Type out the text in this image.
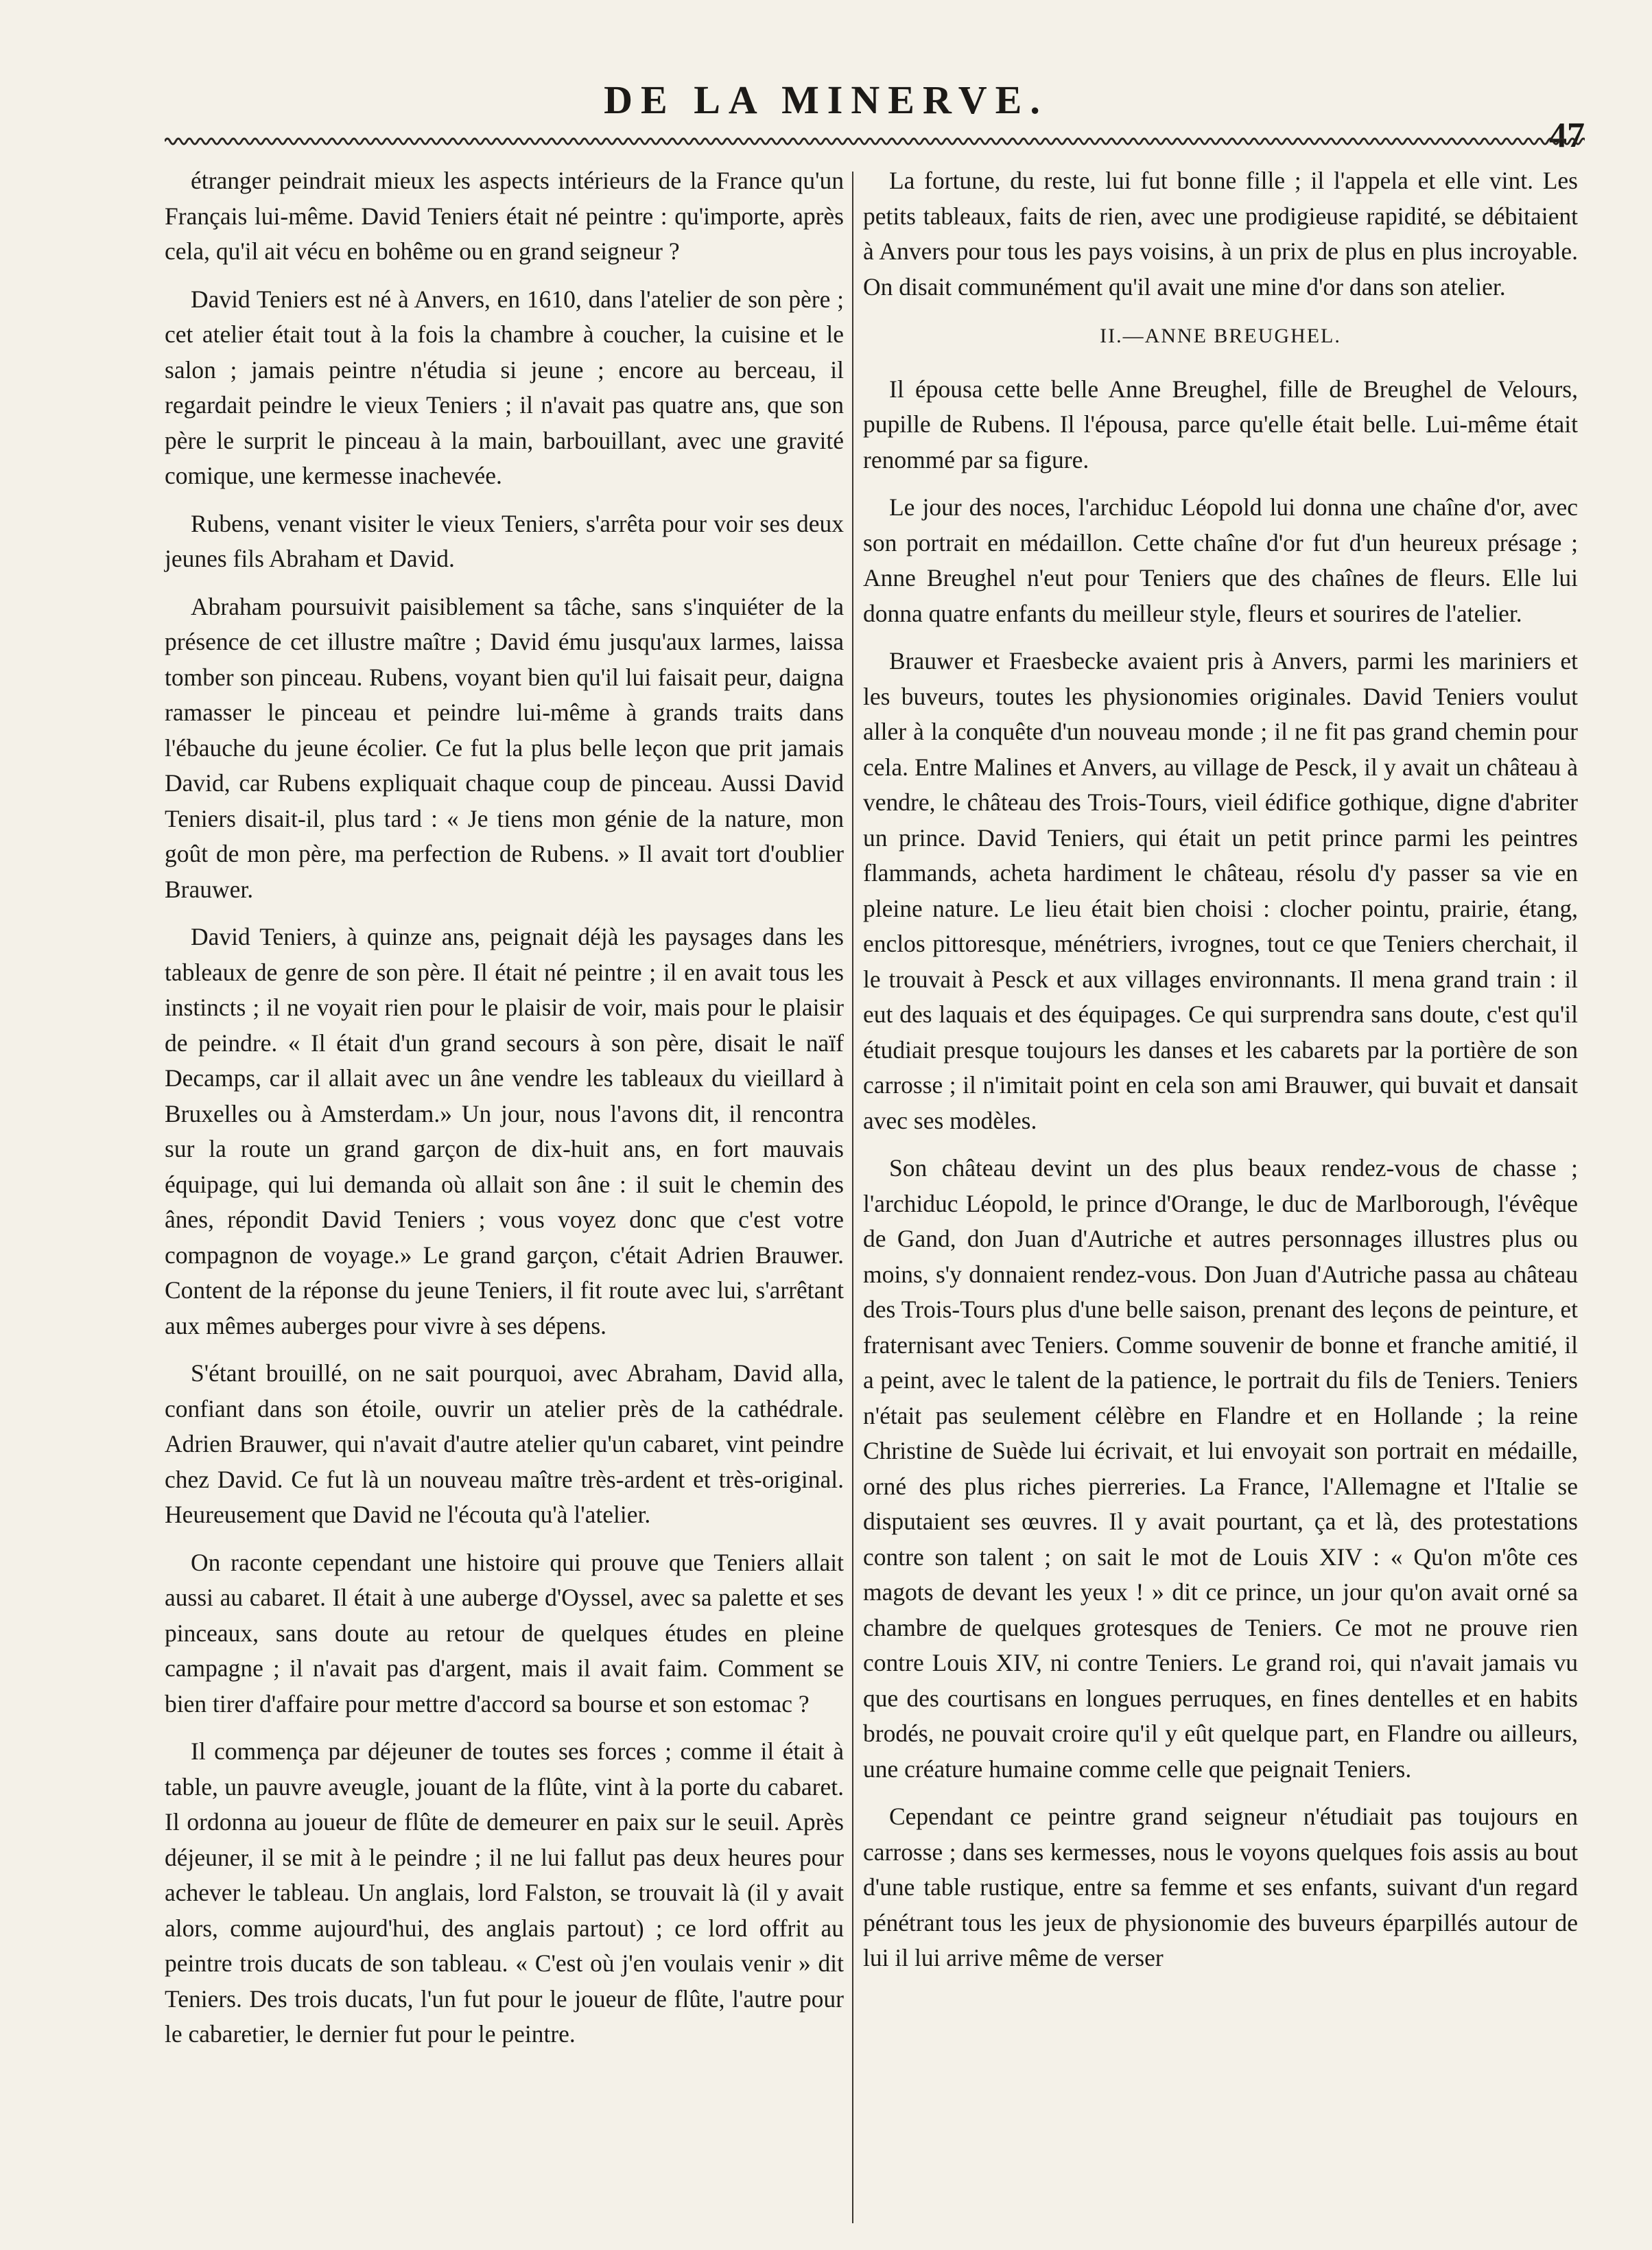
DE LA MINERVE.
47

étranger peindrait mieux les aspects intérieurs de la France qu'un Français lui-même. David Teniers était né peintre : qu'importe, après cela, qu'il ait vécu en bohême ou en grand seigneur ?

David Teniers est né à Anvers, en 1610, dans l'atelier de son père ; cet atelier était tout à la fois la chambre à coucher, la cuisine et le salon ; jamais peintre n'étudia si jeune ; encore au berceau, il regardait peindre le vieux Teniers ; il n'avait pas quatre ans, que son père le surprit le pinceau à la main, barbouillant, avec une gravité comique, une kermesse inachevée.

Rubens, venant visiter le vieux Teniers, s'arrêta pour voir ses deux jeunes fils Abraham et David.

Abraham poursuivit paisiblement sa tâche, sans s'inquiéter de la présence de cet illustre maître ; David ému jusqu'aux larmes, laissa tomber son pinceau. Rubens, voyant bien qu'il lui faisait peur, daigna ramasser le pinceau et peindre lui-même à grands traits dans l'ébauche du jeune écolier. Ce fut la plus belle leçon que prit jamais David, car Rubens expliquait chaque coup de pinceau. Aussi David Teniers disait-il, plus tard : « Je tiens mon génie de la nature, mon goût de mon père, ma perfection de Rubens. » Il avait tort d'oublier Brauwer.

David Teniers, à quinze ans, peignait déjà les paysages dans les tableaux de genre de son père. Il était né peintre ; il en avait tous les instincts ; il ne voyait rien pour le plaisir de voir, mais pour le plaisir de peindre. « Il était d'un grand secours à son père, disait le naïf Decamps, car il allait avec un âne vendre les tableaux du vieillard à Bruxelles ou à Amsterdam.» Un jour, nous l'avons dit, il rencontra sur la route un grand garçon de dix-huit ans, en fort mauvais équipage, qui lui demanda où allait son âne : il suit le chemin des ânes, répondit David Teniers ; vous voyez donc que c'est votre compagnon de voyage.» Le grand garçon, c'était Adrien Brauwer. Content de la réponse du jeune Teniers, il fit route avec lui, s'arrêtant aux mêmes auberges pour vivre à ses dépens.

S'étant brouillé, on ne sait pourquoi, avec Abraham, David alla, confiant dans son étoile, ouvrir un atelier près de la cathédrale. Adrien Brauwer, qui n'avait d'autre atelier qu'un cabaret, vint peindre chez David. Ce fut là un nouveau maître très-ardent et très-original. Heureusement que David ne l'écouta qu'à l'atelier.

On raconte cependant une histoire qui prouve que Teniers allait aussi au cabaret. Il était à une auberge d'Oyssel, avec sa palette et ses pinceaux, sans doute au retour de quelques études en pleine campagne ; il n'avait pas d'argent, mais il avait faim. Comment se bien tirer d'affaire pour mettre d'accord sa bourse et son estomac ?

Il commença par déjeuner de toutes ses forces ; comme il était à table, un pauvre aveugle, jouant de la flûte, vint à la porte du cabaret. Il ordonna au joueur de flûte de demeurer en paix sur le seuil. Après déjeuner, il se mit à le peindre ; il ne lui fallut pas deux heures pour achever le tableau. Un anglais, lord Falston, se trouvait là (il y avait alors, comme aujourd'hui, des anglais partout) ; ce lord offrit au peintre trois ducats de son tableau. « C'est où j'en voulais venir » dit Teniers. Des trois ducats, l'un fut pour le joueur de flûte, l'autre pour le cabaretier, le dernier fut pour le peintre.

La fortune, du reste, lui fut bonne fille ; il l'appela et elle vint. Les petits tableaux, faits de rien, avec une prodigieuse rapidité, se débitaient à Anvers pour tous les pays voisins, à un prix de plus en plus incroyable. On disait communément qu'il avait une mine d'or dans son atelier.

II.—ANNE BREUGHEL.

Il épousa cette belle Anne Breughel, fille de Breughel de Velours, pupille de Rubens. Il l'épousa, parce qu'elle était belle. Lui-même était renommé par sa figure.

Le jour des noces, l'archiduc Léopold lui donna une chaîne d'or, avec son portrait en médaillon. Cette chaîne d'or fut d'un heureux présage ; Anne Breughel n'eut pour Teniers que des chaînes de fleurs. Elle lui donna quatre enfants du meilleur style, fleurs et sourires de l'atelier.

Brauwer et Fraesbecke avaient pris à Anvers, parmi les mariniers et les buveurs, toutes les physionomies originales. David Teniers voulut aller à la conquête d'un nouveau monde ; il ne fit pas grand chemin pour cela. Entre Malines et Anvers, au village de Pesck, il y avait un château à vendre, le château des Trois-Tours, vieil édifice gothique, digne d'abriter un prince. David Teniers, qui était un petit prince parmi les peintres flammands, acheta hardiment le château, résolu d'y passer sa vie en pleine nature. Le lieu était bien choisi : clocher pointu, prairie, étang, enclos pittoresque, ménétriers, ivrognes, tout ce que Teniers cherchait, il le trouvait à Pesck et aux villages environnants. Il mena grand train : il eut des laquais et des équipages. Ce qui surprendra sans doute, c'est qu'il étudiait presque toujours les danses et les cabarets par la portière de son carrosse ; il n'imitait point en cela son ami Brauwer, qui buvait et dansait avec ses modèles.

Son château devint un des plus beaux rendez-vous de chasse ; l'archiduc Léopold, le prince d'Orange, le duc de Marlborough, l'évêque de Gand, don Juan d'Autriche et autres personnages illustres plus ou moins, s'y donnaient rendez-vous. Don Juan d'Autriche passa au château des Trois-Tours plus d'une belle saison, prenant des leçons de peinture, et fraternisant avec Teniers. Comme souvenir de bonne et franche amitié, il a peint, avec le talent de la patience, le portrait du fils de Teniers. Teniers n'était pas seulement célèbre en Flandre et en Hollande ; la reine Christine de Suède lui écrivait, et lui envoyait son portrait en médaille, orné des plus riches pierreries. La France, l'Allemagne et l'Italie se disputaient ses œuvres. Il y avait pourtant, ça et là, des protestations contre son talent ; on sait le mot de Louis XIV : « Qu'on m'ôte ces magots de devant les yeux ! » dit ce prince, un jour qu'on avait orné sa chambre de quelques grotesques de Teniers. Ce mot ne prouve rien contre Louis XIV, ni contre Teniers. Le grand roi, qui n'avait jamais vu que des courtisans en longues perruques, en fines dentelles et en habits brodés, ne pouvait croire qu'il y eût quelque part, en Flandre ou ailleurs, une créature humaine comme celle que peignait Teniers.

Cependant ce peintre grand seigneur n'étudiait pas toujours en carrosse ; dans ses kermesses, nous le voyons quelques fois assis au bout d'une table rustique, entre sa femme et ses enfants, suivant d'un regard pénétrant tous les jeux de physionomie des buveurs éparpillés autour de lui il lui arrive même de verser
